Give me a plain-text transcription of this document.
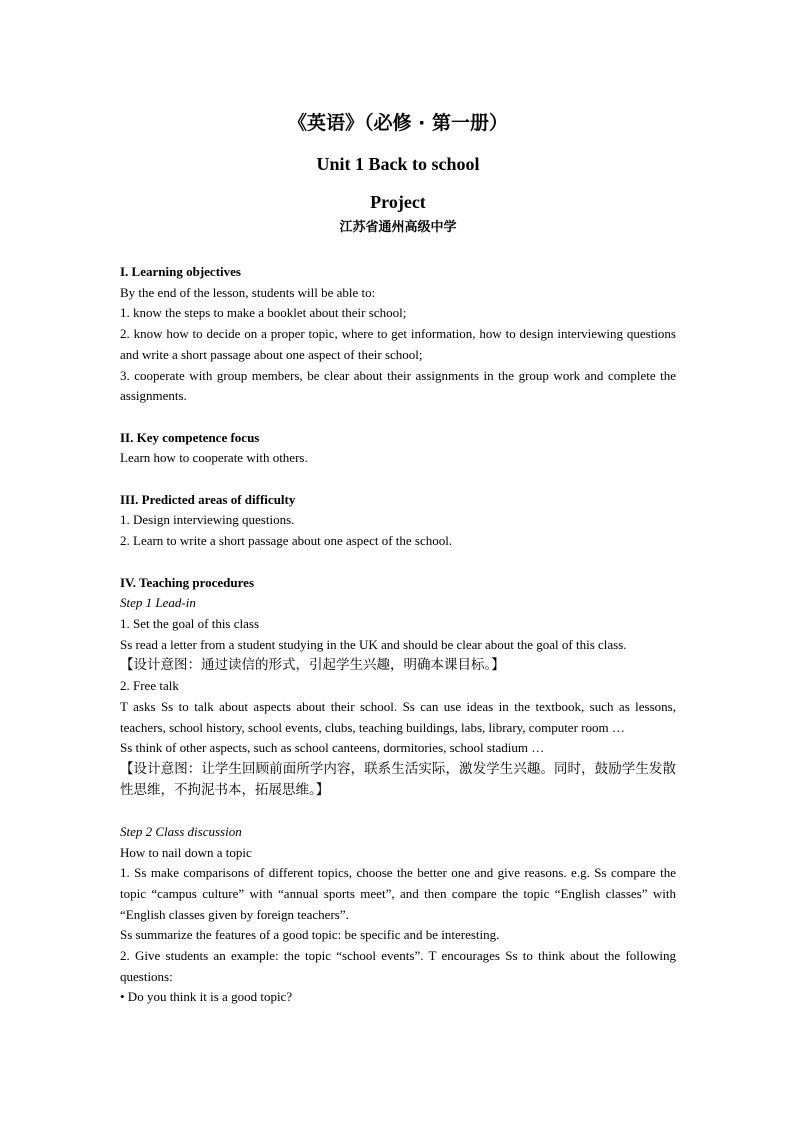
《英语》（必修 · 第一册）
Unit 1 Back to school
Project
江苏省通州高级中学
I. Learning objectives
By the end of the lesson, students will be able to:
1. know the steps to make a booklet about their school;
2. know how to decide on a proper topic, where to get information, how to design interviewing questions and write a short passage about one aspect of their school;
3. cooperate with group members, be clear about their assignments in the group work and complete the assignments.
II. Key competence focus
Learn how to cooperate with others.
III. Predicted areas of difficulty
1. Design interviewing questions.
2. Learn to write a short passage about one aspect of the school.
IV. Teaching procedures
Step 1 Lead-in
1. Set the goal of this class
Ss read a letter from a student studying in the UK and should be clear about the goal of this class.
【设计意图：通过读信的形式，引起学生兴趣，明确本课目标。】
2. Free talk
T asks Ss to talk about aspects about their school. Ss can use ideas in the textbook, such as lessons, teachers, school history, school events, clubs, teaching buildings, labs, library, computer room …
Ss think of other aspects, such as school canteens, dormitories, school stadium …
【设计意图：让学生回顾前面所学内容，联系生活实际，激发学生兴趣。同时，鼓励学生发散性思维，不拘泥书本，拓展思维。】
Step 2 Class discussion
How to nail down a topic
1. Ss make comparisons of different topics, choose the better one and give reasons. e.g. Ss compare the topic “campus culture” with “annual sports meet”, and then compare the topic “English classes” with “English classes given by foreign teachers”.
Ss summarize the features of a good topic: be specific and be interesting.
2. Give students an example: the topic “school events”. T encourages Ss to think about the following questions:
• Do you think it is a good topic?
